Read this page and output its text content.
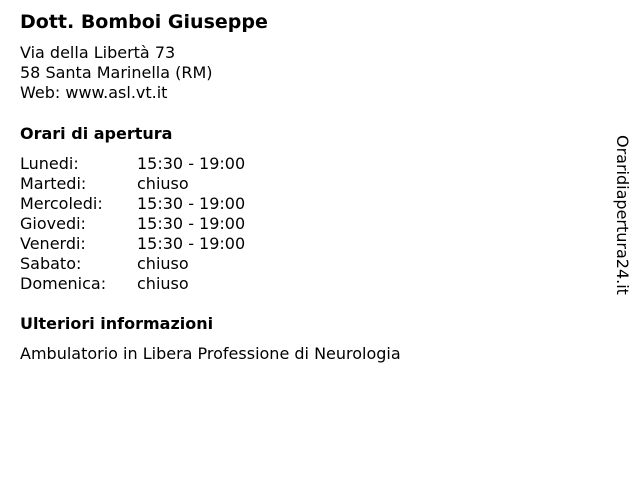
Dott. Bomboi Giuseppe
Via della Libertà 73
58 Santa Marinella (RM)
Web: www.asl.vt.it
Orari di apertura
Lunedi:	15:30 - 19:00
Martedi:	chiuso
Mercoledi:	15:30 - 19:00
Giovedi:	15:30 - 19:00
Venerdi:	15:30 - 19:00
Sabato:	chiuso
Domenica:	chiuso
Ulteriori informazioni
Ambulatorio in Libera Professione di Neurologia
Oraridiapertura24.it
